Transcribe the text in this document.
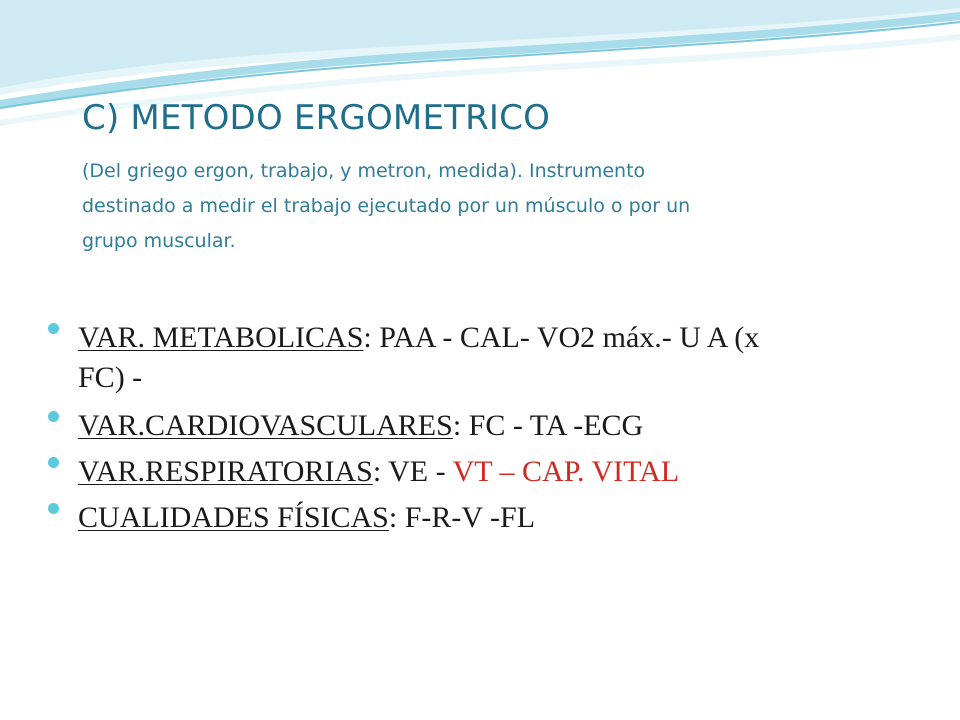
C) METODO ERGOMETRICO
(Del griego ergon, trabajo, y metron, medida). Instrumento
destinado a medir el trabajo ejecutado por un músculo o por un
grupo muscular.
VAR. METABOLICAS: PAA - CAL- VO2 máx.- U A (x
FC) -
VAR.CARDIOVASCULARES: FC - TA -ECG
VAR.RESPIRATORIAS: VE - VT – CAP. VITAL
CUALIDADES FÍSICAS: F-R-V -FL
